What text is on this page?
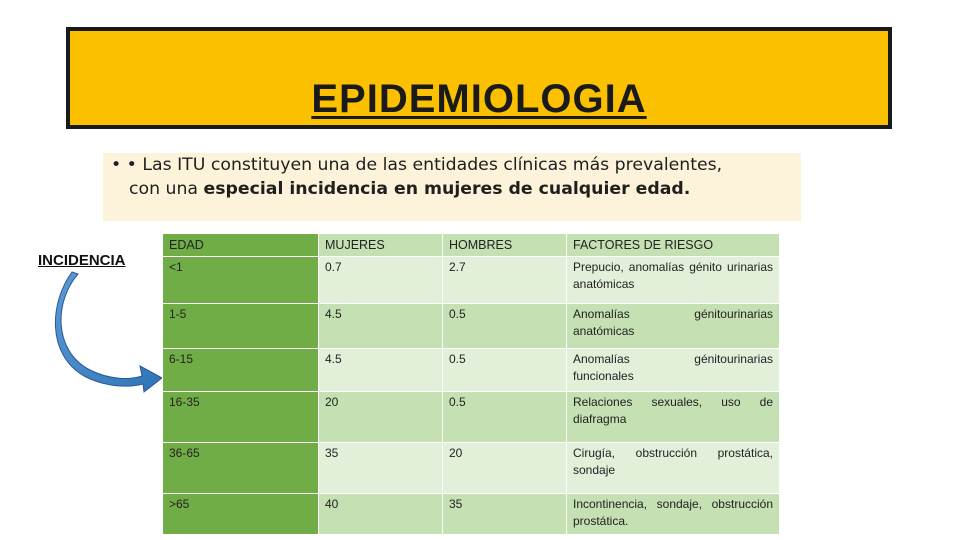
EPIDEMIOLOGIA
• • Las ITU constituyen una de las entidades clínicas más prevalentes,
con una especial incidencia en mujeres de cualquier edad.
INCIDENCIA
EDAD	MUJERES	HOMBRES	FACTORES DE RIESGO
<1	0.7	2.7	Prepucio, anomalías génito urinarias anatómicas
1-5	4.5	0.5	Anomalías génitourinarias anatómicas
6-15	4.5	0.5	Anomalías génitourinarias funcionales
16-35	20	0.5	Relaciones sexuales, uso de diafragma
36-65	35	20	Cirugía, obstrucción prostática, sondaje
>65	40	35	Incontinencia, sondaje, obstrucción prostática.
